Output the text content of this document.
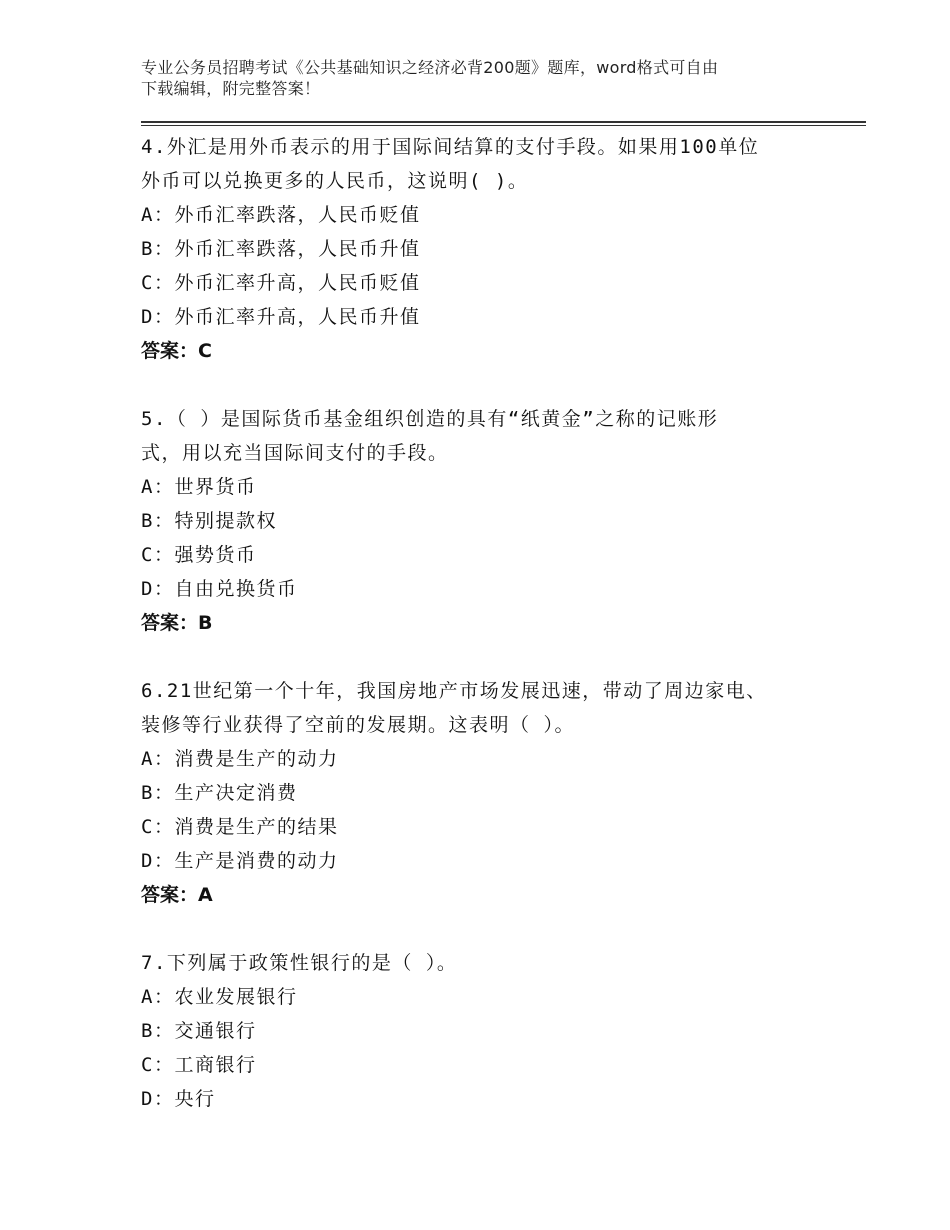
专业公务员招聘考试《公共基础知识之经济必背200题》题库，word格式可自由
下载编辑，附完整答案！
4.外汇是用外币表示的用于国际间结算的支付手段。如果用100单位
外币可以兑换更多的人民币，这说明( )。
A：外币汇率跌落，人民币贬值
B：外币汇率跌落，人民币升值
C：外币汇率升高，人民币贬值
D：外币汇率升高，人民币升值
答案：C
5.（ ）是国际货币基金组织创造的具有“纸黄金”之称的记账形
式，用以充当国际间支付的手段。
A：世界货币
B：特别提款权
C：强势货币
D：自由兑换货币
答案：B
6.21世纪第一个十年，我国房地产市场发展迅速，带动了周边家电、
装修等行业获得了空前的发展期。这表明（ ）。
A：消费是生产的动力
B：生产决定消费
C：消费是生产的结果
D：生产是消费的动力
答案：A
7.下列属于政策性银行的是（ ）。
A：农业发展银行
B：交通银行
C：工商银行
D：央行
